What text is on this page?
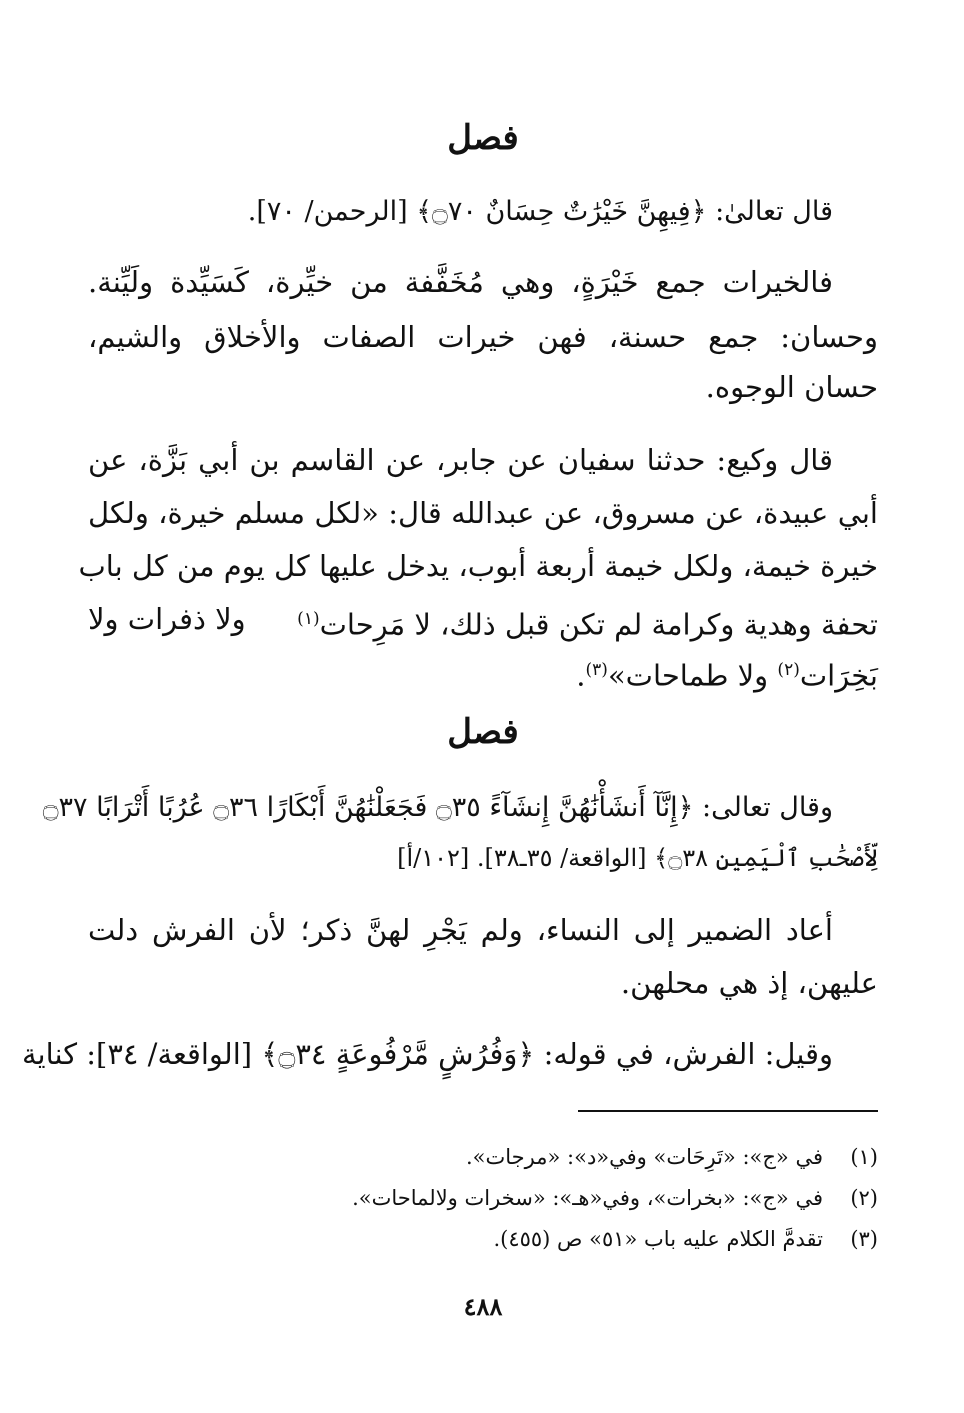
فصل
قال تعالىٰ: ﴿فِيهِنَّ خَيْرَٰتٌ حِسَانٌ ۝٧٠﴾ [الرحمن/ ٧٠].
فالخيرات جمع خَيْرَةٍ، وهي مُخَفَّفة من خيِّرة، كَسَيِّدة ولَيِّنة.
وحسان: جمع حسنة، فهن خيرات الصفات والأخلاق والشيم،
حسان الوجوه.
قال وكيع: حدثنا سفيان عن جابر، عن القاسم بن أبي بَزَّة، عن
أبي عبيدة، عن مسروق، عن عبدالله قال: «لكل مسلم خيرة، ولكل
خيرة خيمة، ولكل خيمة أربعة أبوب، يدخل عليها كل يوم من كل باب
تحفة وهدية وكرامة لم تكن قبل ذلك، لا مَرِحات$^{(١)}$
ولا ذفرات ولا
بَخِرَات$^{(٢)}$ ولا طماحات»$^{(٣)}$.
فصل
وقال تعالى: ﴿إِنَّآ أَنشَأْنَٰهُنَّ إِنشَآءً ۝٣٥ فَجَعَلْنَٰهُنَّ أَبْكَارًا ۝٣٦ عُرُبًا أَتْرَابًا ۝٣٧
لِّأَصْحَٰبِ ٱلْيَمِينِ ۝٣٨﴾ [الواقعة/ ٣٥ـ٣٨]. [١٠٢/أ]
أعاد الضمير إلى النساء، ولم يَجْرِ لهنَّ ذكر؛ لأن الفرش دلت
عليهن، إذ هي محلهن.
وقيل: الفرش، في قوله: ﴿وَفُرُشٍ مَّرْفُوعَةٍ ۝٣٤﴾ [الواقعة/ ٣٤]: كناية
(١)في «ج»: «تَرِحَات» وفي«د»: «مرجات».
(٢)في «ج»: «بخرات»، وفي«هـ»: «سخرات ولالماحات».
(٣)تقدمَّ الكلام عليه باب «٥١» ص (٤٥٥).
٤٨٨
